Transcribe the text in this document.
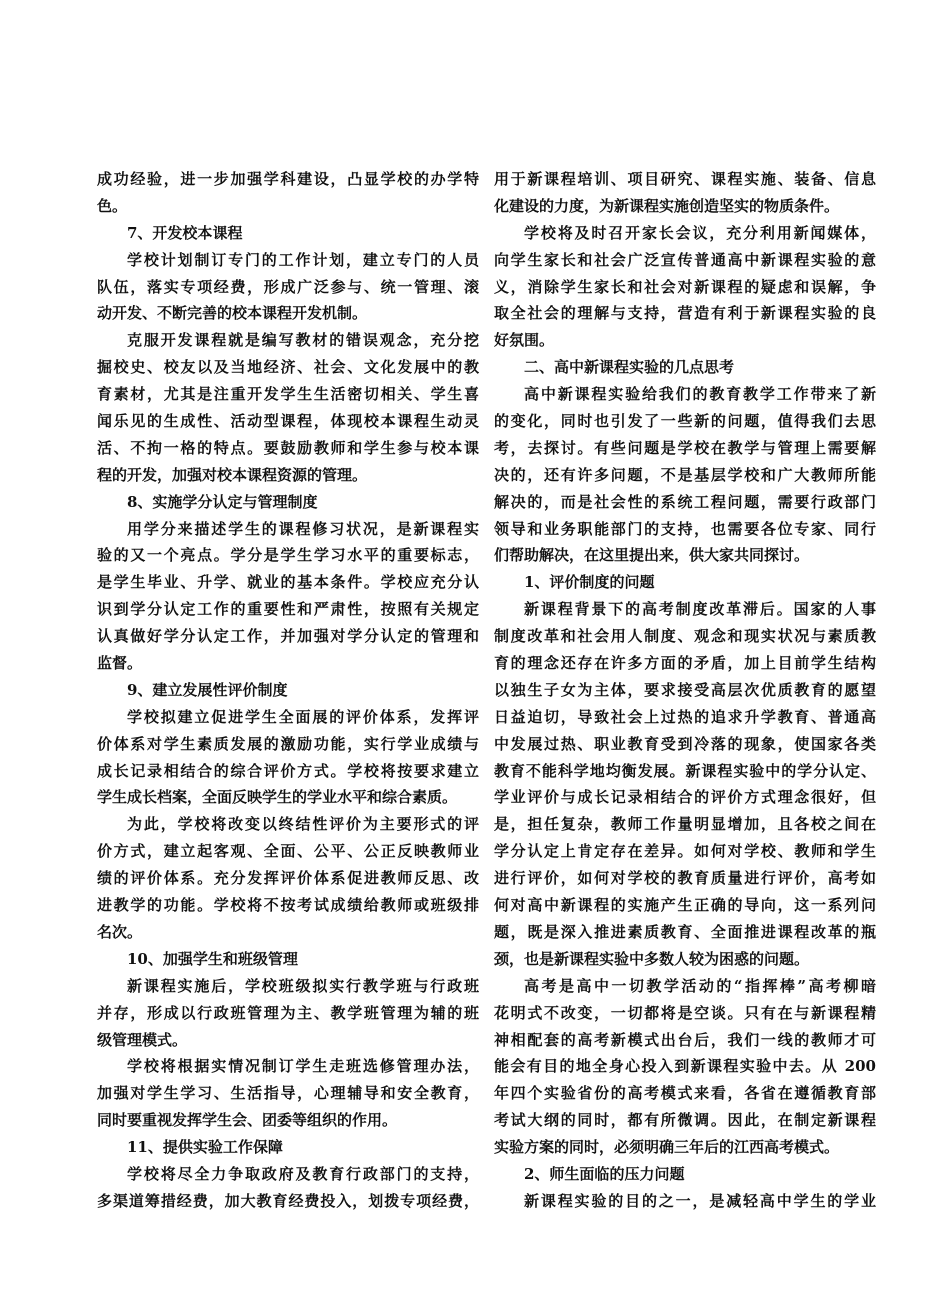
成功经验，进一步加强学科建设，凸显学校的办学特
色。
7、开发校本课程
学校计划制订专门的工作计划，建立专门的人员
队伍，落实专项经费，形成广泛参与、统一管理、滚
动开发、不断完善的校本课程开发机制。
克服开发课程就是编写教材的错误观念，充分挖
掘校史、校友以及当地经济、社会、文化发展中的教
育素材，尤其是注重开发学生生活密切相关、学生喜
闻乐见的生成性、活动型课程，体现校本课程生动灵
活、不拘一格的特点。要鼓励教师和学生参与校本课
程的开发，加强对校本课程资源的管理。
8、实施学分认定与管理制度
用学分来描述学生的课程修习状况，是新课程实
验的又一个亮点。学分是学生学习水平的重要标志，
是学生毕业、升学、就业的基本条件。学校应充分认
识到学分认定工作的重要性和严肃性，按照有关规定
认真做好学分认定工作，并加强对学分认定的管理和
监督。
9、建立发展性评价制度
学校拟建立促进学生全面展的评价体系，发挥评
价体系对学生素质发展的激励功能，实行学业成绩与
成长记录相结合的综合评价方式。学校将按要求建立
学生成长档案，全面反映学生的学业水平和综合素质。
为此，学校将改变以终结性评价为主要形式的评
价方式，建立起客观、全面、公平、公正反映教师业
绩的评价体系。充分发挥评价体系促进教师反思、改
进教学的功能。学校将不按考试成绩给教师或班级排
名次。
10、加强学生和班级管理
新课程实施后，学校班级拟实行教学班与行政班
并存，形成以行政班管理为主、教学班管理为辅的班
级管理模式。
学校将根据实情况制订学生走班选修管理办法，
加强对学生学习、生活指导，心理辅导和安全教育，
同时要重视发挥学生会、团委等组织的作用。
11、提供实验工作保障
学校将尽全力争取政府及教育行政部门的支持，
多渠道筹措经费，加大教育经费投入，划拨专项经费，
用于新课程培训、项目研究、课程实施、装备、信息
化建设的力度，为新课程实施创造坚实的物质条件。
学校将及时召开家长会议，充分利用新闻媒体，
向学生家长和社会广泛宣传普通高中新课程实验的意
义，消除学生家长和社会对新课程的疑虑和误解，争
取全社会的理解与支持，营造有利于新课程实验的良
好氛围。
二、高中新课程实验的几点思考
高中新课程实验给我们的教育教学工作带来了新
的变化，同时也引发了一些新的问题，值得我们去思
考，去探讨。有些问题是学校在教学与管理上需要解
决的，还有许多问题，不是基层学校和广大教师所能
解决的，而是社会性的系统工程问题，需要行政部门
领导和业务职能部门的支持，也需要各位专家、同行
们帮助解决，在这里提出来，供大家共同探讨。
1、评价制度的问题
新课程背景下的高考制度改革滞后。国家的人事
制度改革和社会用人制度、观念和现实状况与素质教
育的理念还存在许多方面的矛盾，加上目前学生结构
以独生子女为主体，要求接受高层次优质教育的愿望
日益迫切，导致社会上过热的追求升学教育、普通高
中发展过热、职业教育受到冷落的现象，使国家各类
教育不能科学地均衡发展。新课程实验中的学分认定、
学业评价与成长记录相结合的评价方式理念很好，但
是，担任复杂，教师工作量明显增加，且各校之间在
学分认定上肯定存在差异。如何对学校、教师和学生
进行评价，如何对学校的教育质量进行评价，高考如
何对高中新课程的实施产生正确的导向，这一系列问
题，既是深入推进素质教育、全面推进课程改革的瓶
颈，也是新课程实验中多数人较为困惑的问题。
高考是高中一切教学活动的“指挥棒”高考柳暗
花明式不改变，一切都将是空谈。只有在与新课程精
神相配套的高考新模式出台后，我们一线的教师才可
能会有目的地全身心投入到新课程实验中去。从 200
年四个实验省份的高考模式来看，各省在遵循教育部
考试大纲的同时，都有所微调。因此，在制定新课程
实验方案的同时，必须明确三年后的江西高考模式。
2、师生面临的压力问题
新课程实验的目的之一，是减轻高中学生的学业
